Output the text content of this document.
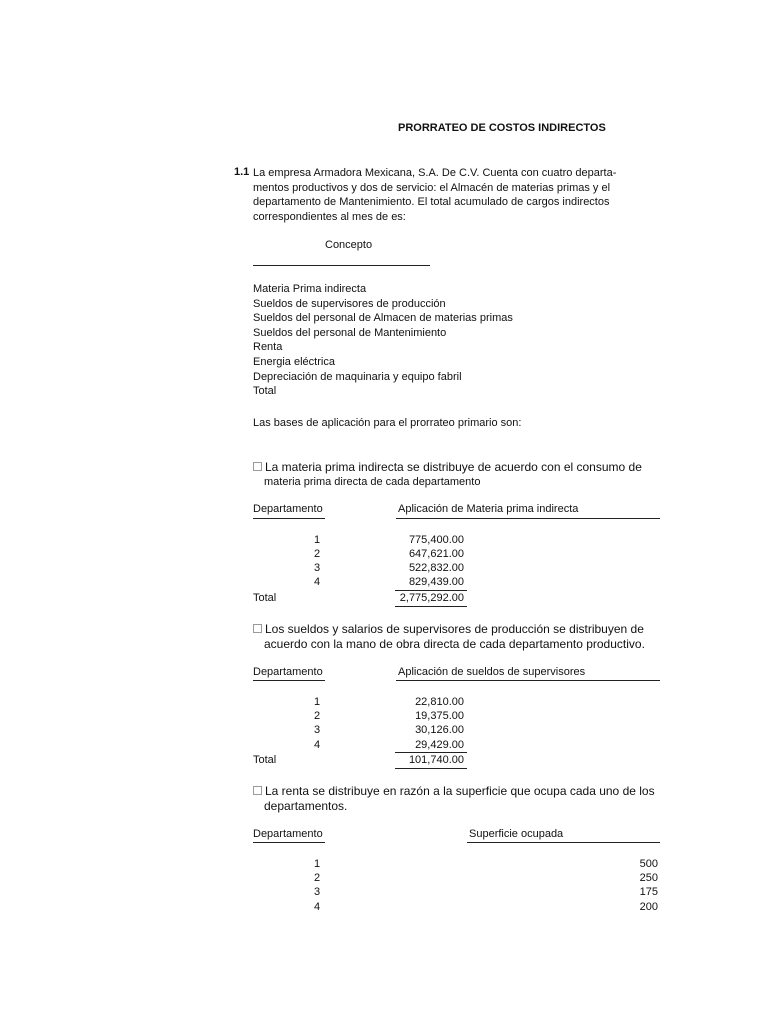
PRORRATEO DE COSTOS INDIRECTOS
1.1 La empresa Armadora Mexicana, S.A. De C.V. Cuenta con cuatro departa-
mentos productivos y dos de servicio: el Almacén de materias primas y el
departamento de Mantenimiento. El total acumulado de cargos indirectos
correspondientes al mes de es:
Concepto
Materia Prima indirecta
Sueldos de supervisores de producción
Sueldos del personal de Almacen de materias primas
Sueldos del personal de Mantenimiento
Renta
Energia eléctrica
Depreciación de maquinaria y equipo fabril
Total
Las bases de aplicación para el prorrateo primario son:
La materia prima indirecta se distribuye de acuerdo con el consumo de
materia prima directa de cada departamento
Departamento	Aplicación de Materia prima indirecta
1	775,400.00
2	647,621.00
3	522,832.00
4	829,439.00
Total	2,775,292.00
Los sueldos y salarios de supervisores de producción se distribuyen de
acuerdo con la mano de obra directa de cada departamento productivo.
Departamento	Aplicación de sueldos de supervisores
1	22,810.00
2	19,375.00
3	30,126.00
4	29,429.00
Total	101,740.00
La renta se distribuye en razón a la superficie que ocupa cada uno de los
departamentos.
Departamento	Superficie ocupada
1	500
2	250
3	175
4	200
